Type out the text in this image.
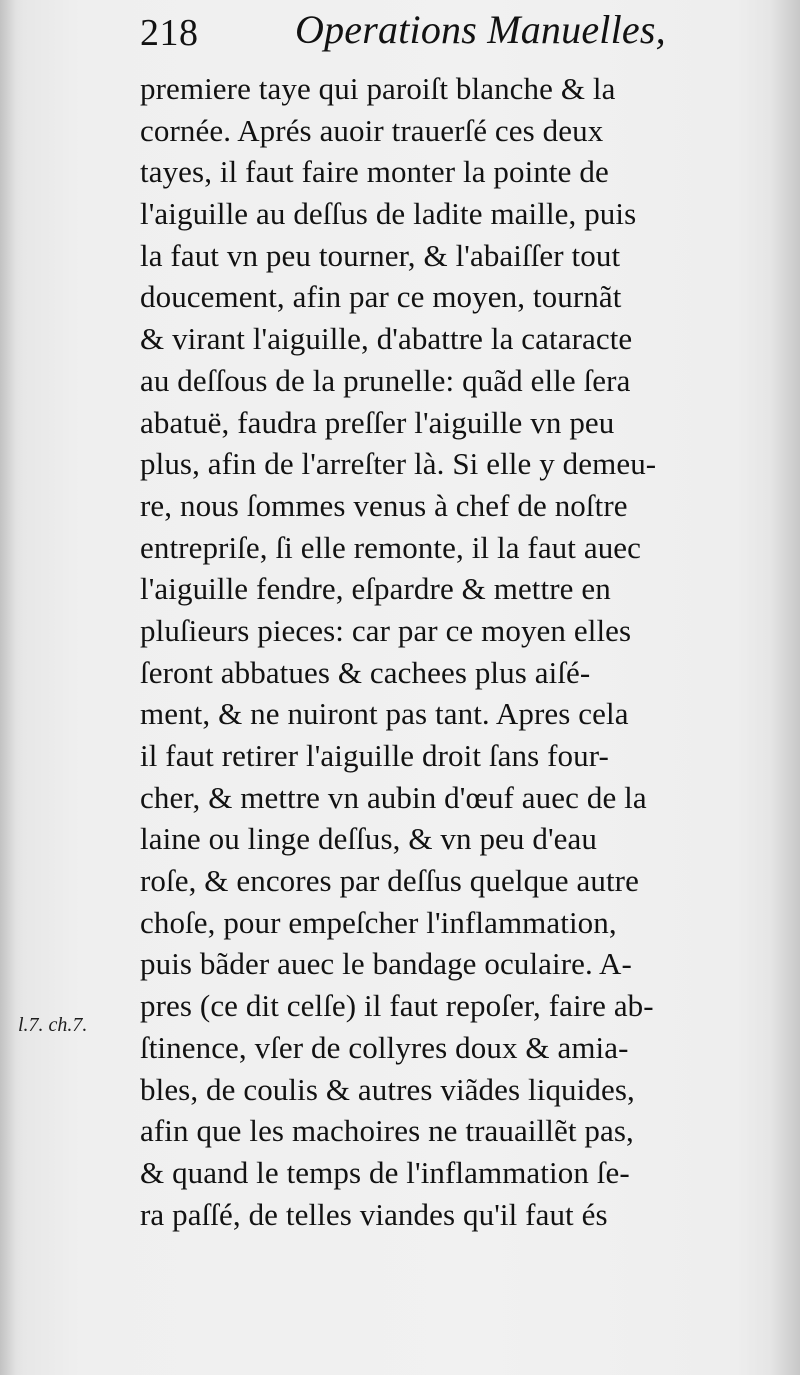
218 Operations Manuelles,
premiere taye qui paroiſt blanche & la
cornée. Aprés auoir trauerſé ces deux
tayes, il faut faire monter la pointe de
l'aiguille au deſſus de ladite maille, puis
la faut vn peu tourner, & l'abaiſſer tout
doucement, afin par ce moyen, tournãt
& virant l'aiguille, d'abattre la cataracte
au deſſous de la prunelle: quãd elle ſera
abatuë, faudra preſſer l'aiguille vn peu
plus, afin de l'arreſter là. Si elle y demeu-
re, nous ſommes venus à chef de noſtre
entrepriſe, ſi elle remonte, il la faut auec
l'aiguille fendre, eſpardre & mettre en
pluſieurs pieces: car par ce moyen elles
ſeront abbatues & cachees plus aiſé-
ment, & ne nuiront pas tant. Apres cela
il faut retirer l'aiguille droit ſans four-
cher, & mettre vn aubin d'œuf auec de la
laine ou linge deſſus, & vn peu d'eau
roſe, & encores par deſſus quelque autre
choſe, pour empeſcher l'inflammation,
puis bãder auec le bandage oculaire. A-
pres (ce dit celſe) il faut repoſer, faire ab-
ſtinence, vſer de collyres doux & amia-
bles, de coulis & autres viãdes liquides,
afin que les machoires ne trauaillẽt pas,
& quand le temps de l'inflammation ſe-
ra paſſé, de telles viandes qu'il faut és
l.7. ch.7.
